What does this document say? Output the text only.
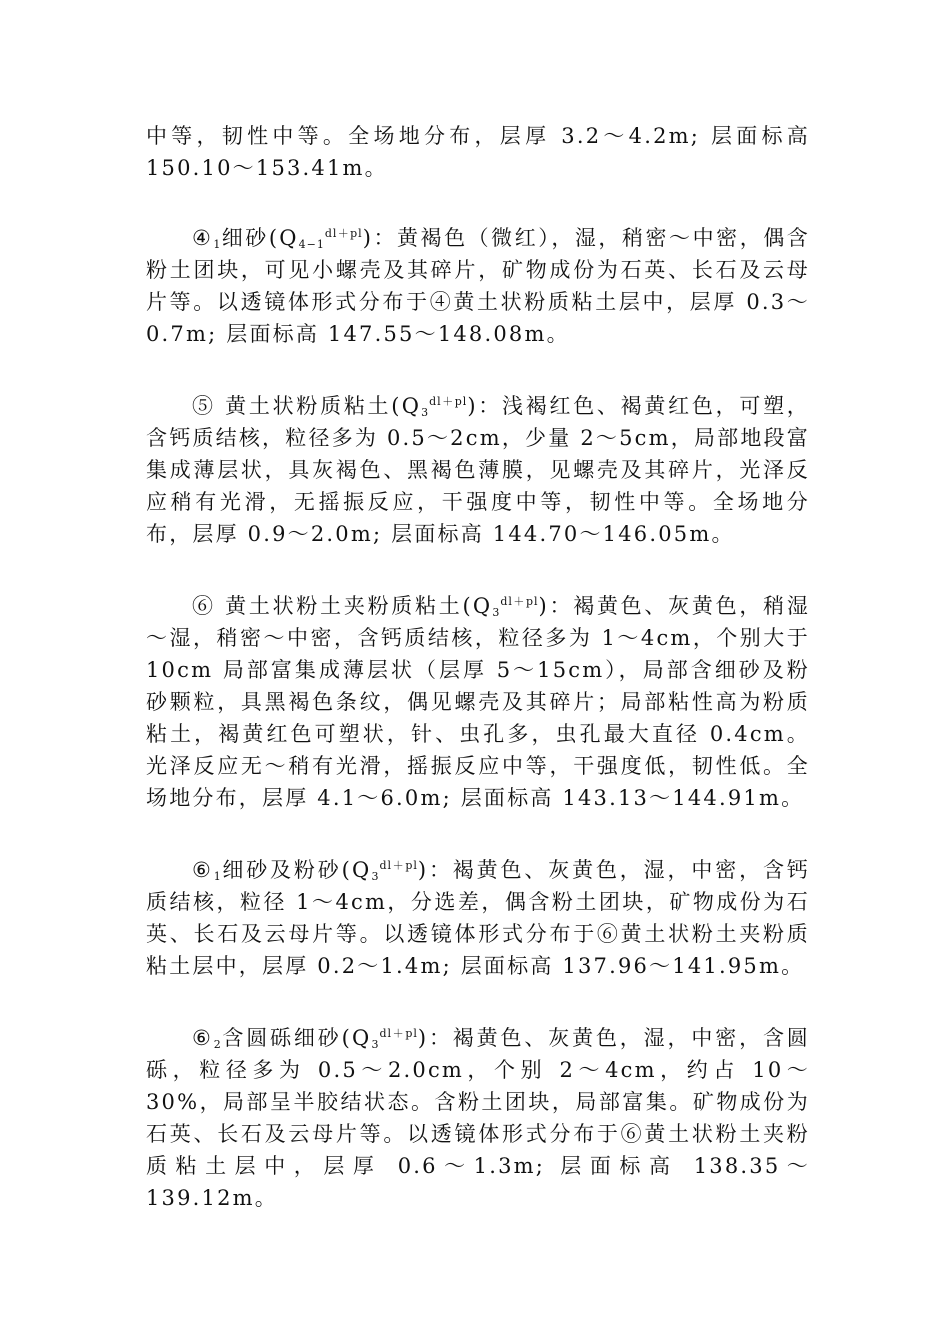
中等，韧性中等。全场地分布，层厚 3.2～4.2m; 层面标高 150.10～153.41m。

$④_1$细砂$(Q_{4-1}^{dl+pl})$：黄褐色（微红），湿，稍密～中密，偶含粉土团块，可见小螺壳及其碎片，矿物成份为石英、长石及云母片等。以透镜体形式分布于④黄土状粉质粘土层中，层厚 0.3～0.7m; 层面标高 147.55～148.08m。

⑤ 黄土状粉质粘土$(Q_3^{dl+pl})$：浅褐红色、褐黄红色，可塑，含钙质结核，粒径多为 0.5～2cm，少量 2～5cm，局部地段富集成薄层状，具灰褐色、黑褐色薄膜，见螺壳及其碎片，光泽反应稍有光滑，无摇振反应，干强度中等，韧性中等。全场地分布，层厚 0.9～2.0m; 层面标高 144.70～146.05m。

⑥ 黄土状粉土夹粉质粘土$(Q_3^{dl+pl})$：褐黄色、灰黄色，稍湿～湿，稍密～中密，含钙质结核，粒径多为 1～4cm，个别大于 10cm 局部富集成薄层状（层厚 5～15cm），局部含细砂及粉砂颗粒，具黑褐色条纹，偶见螺壳及其碎片；局部粘性高为粉质粘土，褐黄红色可塑状，针、虫孔多，虫孔最大直径 0.4cm。光泽反应无～稍有光滑，摇振反应中等，干强度低，韧性低。全场地分布，层厚 4.1～6.0m; 层面标高 143.13～144.91m。

$⑥_1$细砂及粉砂$(Q_3^{dl+pl})$：褐黄色、灰黄色，湿，中密，含钙质结核，粒径 1～4cm，分选差，偶含粉土团块，矿物成份为石英、长石及云母片等。以透镜体形式分布于⑥黄土状粉土夹粉质粘土层中，层厚 0.2～1.4m; 层面标高 137.96～141.95m。

$⑥_2$含圆砾细砂$(Q_3^{dl+pl})$：褐黄色、灰黄色，湿，中密，含圆砾，粒径多为 0.5～2.0cm，个别 2～4cm，约占 10～30%，局部呈半胶结状态。含粉土团块，局部富集。矿物成份为石英、长石及云母片等。以透镜体形式分布于⑥黄土状粉土夹粉质粘土层中，层厚 0.6～1.3m; 层面标高 138.35～139.12m。
